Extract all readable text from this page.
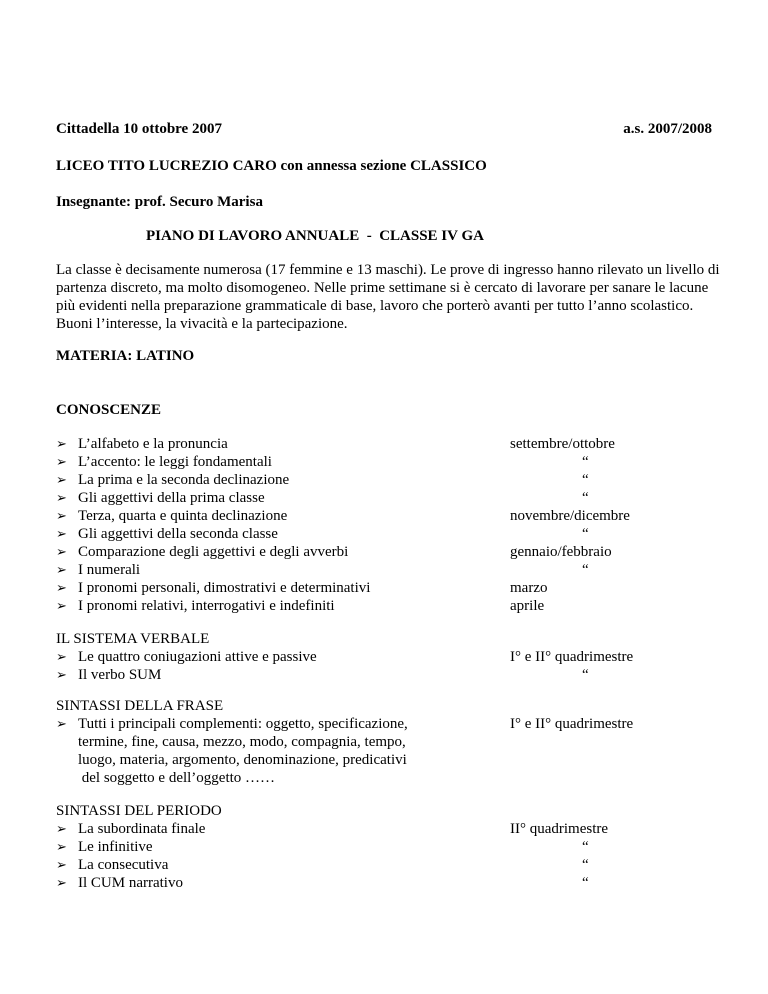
Cittadella 10 ottobre 2007	a.s. 2007/2008
LICEO TITO LUCREZIO CARO con annessa sezione CLASSICO
Insegnante: prof. Securo Marisa
PIANO DI LAVORO ANNUALE  -  CLASSE IV GA
La classe è decisamente numerosa (17 femmine e 13 maschi). Le prove di ingresso hanno rilevato un livello di partenza discreto, ma molto disomogeneo. Nelle prime settimane si è cercato di lavorare per sanare le lacune più evidenti nella preparazione grammaticale di base, lavoro che porterò avanti per tutto l’anno scolastico. Buoni l’interesse, la vivacità e la partecipazione.
MATERIA: LATINO
CONOSCENZE
➢ L’alfabeto e la pronuncia
➢ L’accento: le leggi fondamentali
➢ La prima e la seconda declinazione
➢ Gli aggettivi della prima classe
➢ Terza, quarta e quinta declinazione
➢ Gli aggettivi della seconda classe
➢ Comparazione degli aggettivi e degli avverbi
➢ I numerali
➢ I pronomi personali, dimostrativi e determinativi
➢ I pronomi relativi, interrogativi e indefiniti
settembre/ottobre
“
“
“
novembre/dicembre
“
gennaio/febbraio
“
marzo
aprile
IL SISTEMA VERBALE
➢ Le quattro coniugazioni attive e passive
➢ Il verbo SUM
I° e II° quadrimestre
“
SINTASSI DELLA FRASE
➢ Tutti i principali complementi: oggetto, specificazione,
termine, fine, causa, mezzo, modo, compagnia, tempo,
luogo, materia, argomento, denominazione, predicativi
del soggetto e dell’oggetto ……
I° e II° quadrimestre
SINTASSI DEL PERIODO
➢ La subordinata finale
➢ Le infinitive
➢ La consecutiva
➢ Il CUM narrativo
II° quadrimestre
“
“
“
